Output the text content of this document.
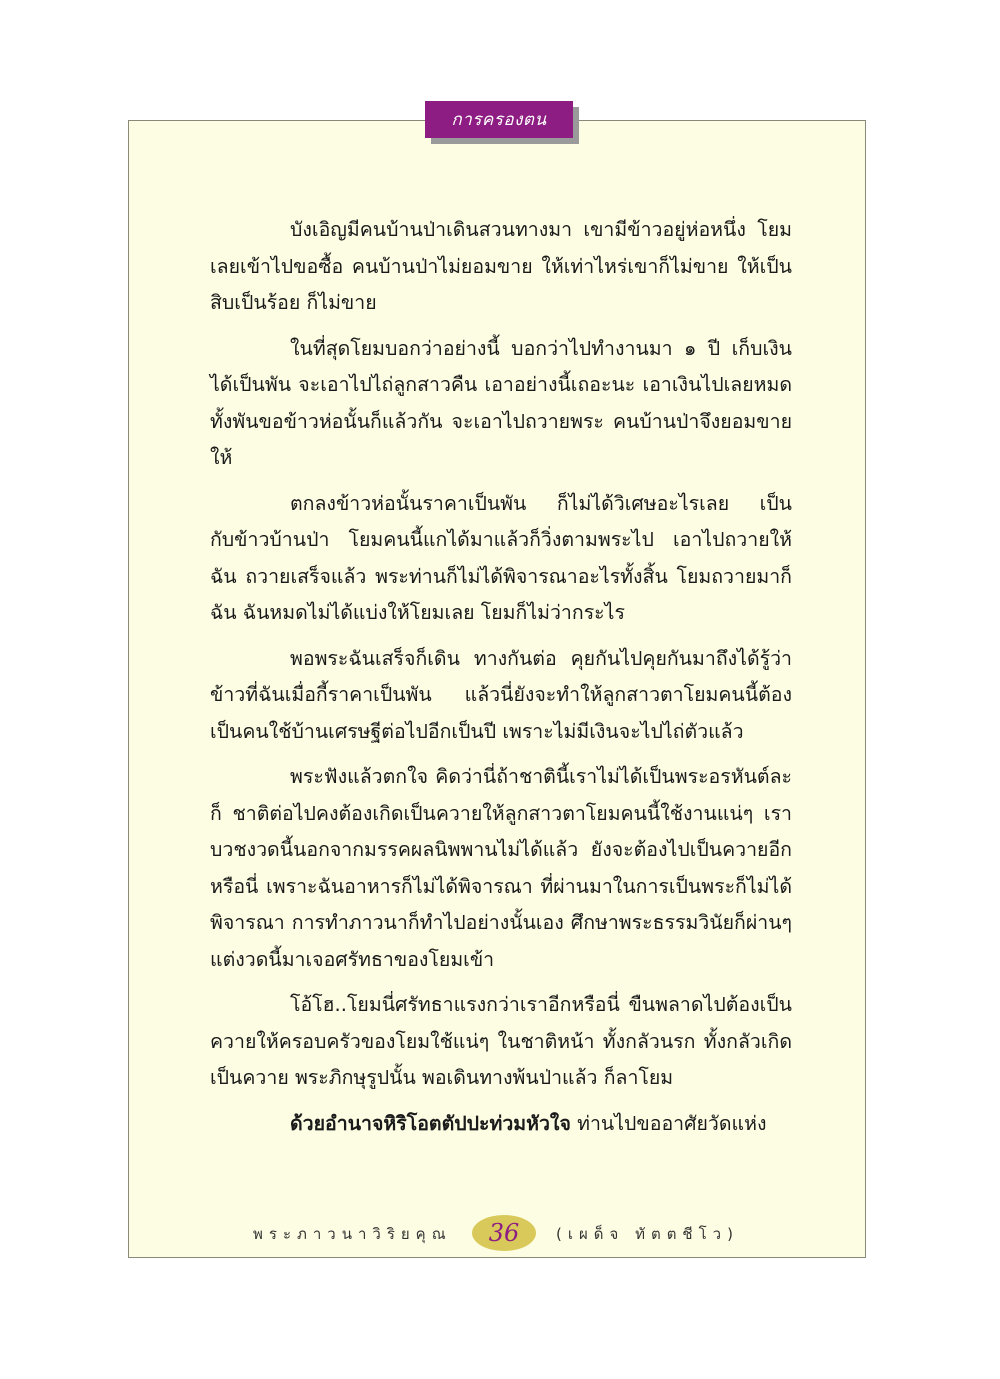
การครองตน

บังเอิญมีคนบ้านป่าเดินสวนทางมา เขามีข้าวอยู่ห่อหนึ่ง โยมเลยเข้าไปขอซื้อ คนบ้านป่าไม่ยอมขาย ให้เท่าไหร่เขาก็ไม่ขาย ให้เป็นสิบเป็นร้อย ก็ไม่ขาย

ในที่สุดโยมบอกว่าอย่างนี้ บอกว่าไปทำงานมา ๑ ปี เก็บเงินได้เป็นพัน จะเอาไปไถ่ลูกสาวคืน เอาอย่างนี้เถอะนะ เอาเงินไปเลยหมดทั้งพันขอข้าวห่อนั้นก็แล้วกัน จะเอาไปถวายพระ คนบ้านป่าจึงยอมขายให้

ตกลงข้าวห่อนั้นราคาเป็นพัน ก็ไม่ได้วิเศษอะไรเลย เป็นกับข้าวบ้านป่า โยมคนนี้แกได้มาแล้วก็วิ่งตามพระไป เอาไปถวายให้ฉัน ถวายเสร็จแล้ว พระท่านก็ไม่ได้พิจารณาอะไรทั้งสิ้น โยมถวายมาก็ฉัน ฉันหมดไม่ได้แบ่งให้โยมเลย โยมก็ไม่ว่ากระไร

พอพระฉันเสร็จก็เดิน ทางกันต่อ คุยกันไปคุยกันมาถึงได้รู้ว่าข้าวที่ฉันเมื่อกี้ราคาเป็นพัน แล้วนี่ยังจะทำให้ลูกสาวตาโยมคนนี้ต้องเป็นคนใช้บ้านเศรษฐีต่อไปอีกเป็นปี เพราะไม่มีเงินจะไปไถ่ตัวแล้ว

พระฟังแล้วตกใจ คิดว่านี่ถ้าชาตินี้เราไม่ได้เป็นพระอรหันต์ละก็ ชาติต่อไปคงต้องเกิดเป็นควายให้ลูกสาวตาโยมคนนี้ใช้งานแน่ๆ เราบวชงวดนี้นอกจากมรรคผลนิพพานไม่ได้แล้ว ยังจะต้องไปเป็นควายอีกหรือนี่ เพราะฉันอาหารก็ไม่ได้พิจารณา ที่ผ่านมาในการเป็นพระก็ไม่ได้พิจารณา การทำภาวนาก็ทำไปอย่างนั้นเอง ศึกษาพระธรรมวินัยก็ผ่านๆ แต่งวดนี้มาเจอศรัทธาของโยมเข้า

โอ้โฮ..โยมนี่ศรัทธาแรงกว่าเราอีกหรือนี่ ขืนพลาดไปต้องเป็นควายให้ครอบครัวของโยมใช้แน่ๆ ในชาติหน้า ทั้งกลัวนรก ทั้งกลัวเกิดเป็นควาย พระภิกษุรูปนั้น พอเดินทางพ้นป่าแล้ว ก็ลาโยม

ด้วยอำนาจหิริโอตตัปปะท่วมหัวใจ ท่านไปขออาศัยวัดแห่ง

พระภาวนาวิริยคุณ 36 (เผด็จ ทัตตชีโว)
